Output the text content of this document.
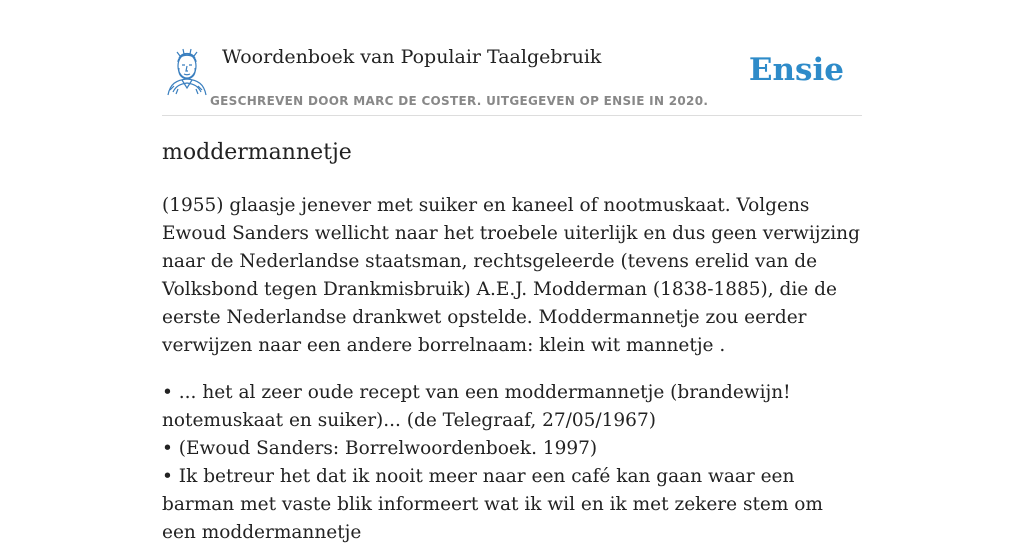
Woordenboek van Populair Taalgebruik
GESCHREVEN DOOR MARC DE COSTER. UITGEGEVEN OP ENSIE IN 2020.
Ensie
moddermannetje

(1955) glaasje jenever met suiker en kaneel of nootmuskaat. Volgens Ewoud Sanders wellicht naar het troebele uiterlijk en dus geen verwijzing naar de Nederlandse staatsman, rechtsgeleerde (tevens erelid van de Volksbond tegen Drankmisbruik) A.E.J. Modderman (1838-1885), die de eerste Nederlandse drankwet opstelde. Moddermannetje zou eerder verwijzen naar een andere borrelnaam: klein wit mannetje .

• ... het al zeer oude recept van een moddermannetje (brandewijn! notemuskaat en suiker)... (de Telegraaf, 27/05/1967)
• (Ewoud Sanders: Borrelwoordenboek. 1997)
• Ik betreur het dat ik nooit meer naar een café kan gaan waar een barman met vaste blik informeert wat ik wil en ik met zekere stem om een moddermannetje
